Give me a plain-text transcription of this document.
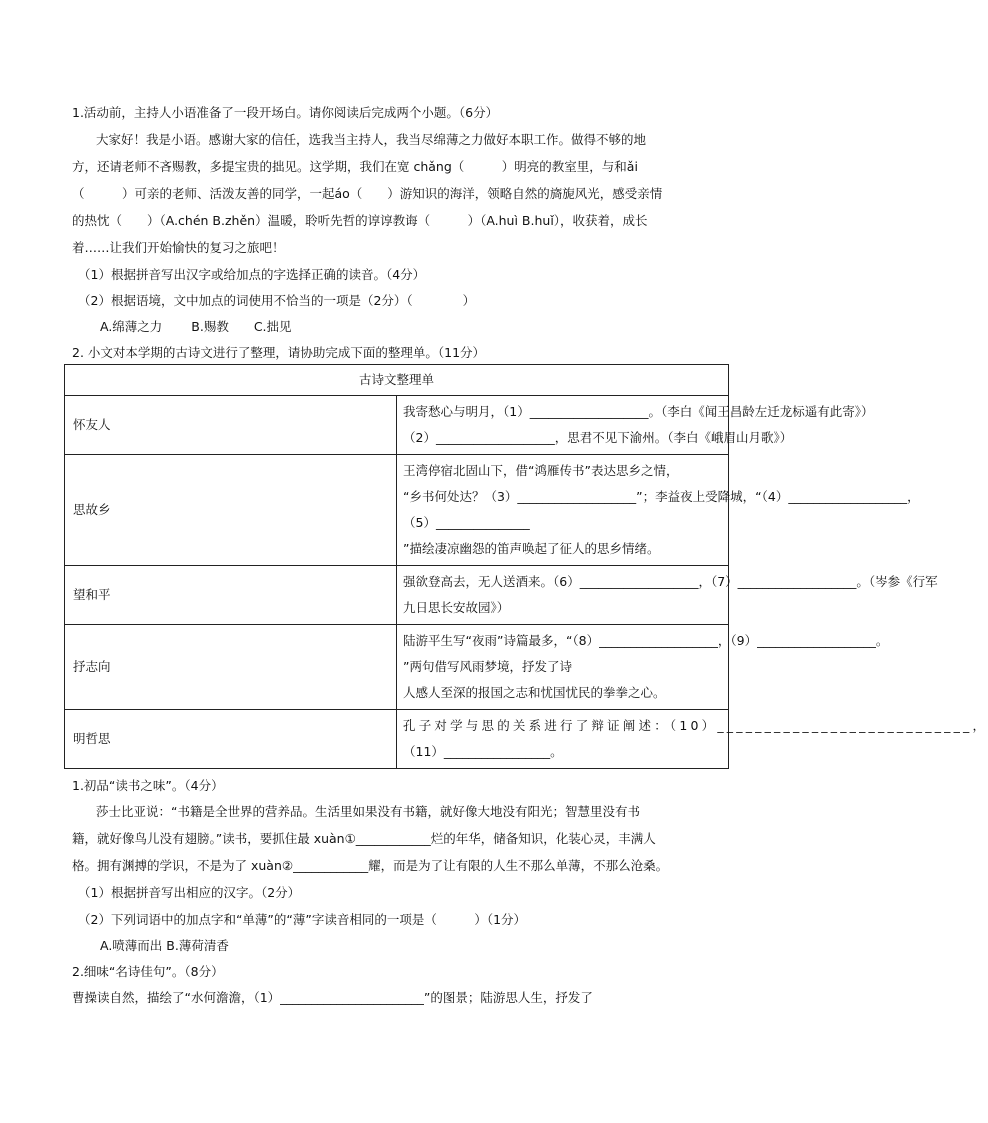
1.活动前，主持人小语准备了一段开场白。请你阅读后完成两个小题。（6分）
大家好！我是小语。感谢大家的信任，选我当主持人，我当尽绵薄之力做好本职工作。做得不够的地
方，还请老师不吝赐教，多提宝贵的拙见。这学期，我们在宽 chǎng（　　　）明亮的教室里，与和ǎi
（　　　）可亲的老师、活泼友善的同学，一起áo（　　）游知识的海洋，领略自然的旖旎风光，感受亲情
的热忱（　　）（A.chén B.zhěn）温暖，聆听先哲的谆谆教诲（　　　）（A.huì B.huǐ），收获着，成长
着……让我们开始愉快的复习之旅吧！
（1）根据拼音写出汉字或给加点的字选择正确的读音。（4分）
（2）根据语境，文中加点的词使用不恰当的一项是（2分）（　　　　）
A.绵薄之力　　 B.赐教　　C.拙见
2. 小文对本学期的古诗文进行了整理，请协助完成下面的整理单。（11分）
古诗文整理单	
怀友人	我寄愁心与明月，（1）___________________。（李白《闻王昌龄左迁龙标遥有此寄》）
（2）___________________，思君不见下渝州。（李白《峨眉山月歌》）

思故乡	王湾停宿北固山下，借“鸿雁传书”表达思乡之情，
“乡书何处达？（3）___________________”；李益夜上受降城，“（4）___________________，
（5）_______________
”描绘凄凉幽怨的笛声唤起了征人的思乡情绪。

望和平	强欲登高去，无人送酒来。（6）___________________，（7）___________________。（岑参《行军
九日思长安故园》）

抒志向	陆游平生写“夜雨”诗篇最多，“（8）___________________，（9）___________________。
”两句借写风雨梦境，抒发了诗
人感人至深的报国之志和忧国忧民的拳拳之心。

明哲思	孔子对学与思的关系进行了辩证阐述：（10）___________________________，
（11）_________________。
1.初品“读书之味”。（4分）
莎士比亚说：“书籍是全世界的营养品。生活里如果没有书籍，就好像大地没有阳光；智慧里没有书
籍，就好像鸟儿没有翅膀。”读书，要抓住最 xuàn①____________烂的年华，储备知识，化装心灵，丰满人
格。拥有渊搏的学识，不是为了 xuàn②____________耀，而是为了让有限的人生不那么单薄，不那么沧桑。
（1）根据拼音写出相应的汉字。（2分）
（2）下列词语中的加点字和“单薄”的“薄”字读音相同的一项是（　　　）（1分）
A.喷薄而出 B.薄荷清香
2.细味“名诗佳句”。（8分）
曹操读自然，描绘了“水何澹澹，（1）_______________________”的图景；陆游思人生，抒发了
